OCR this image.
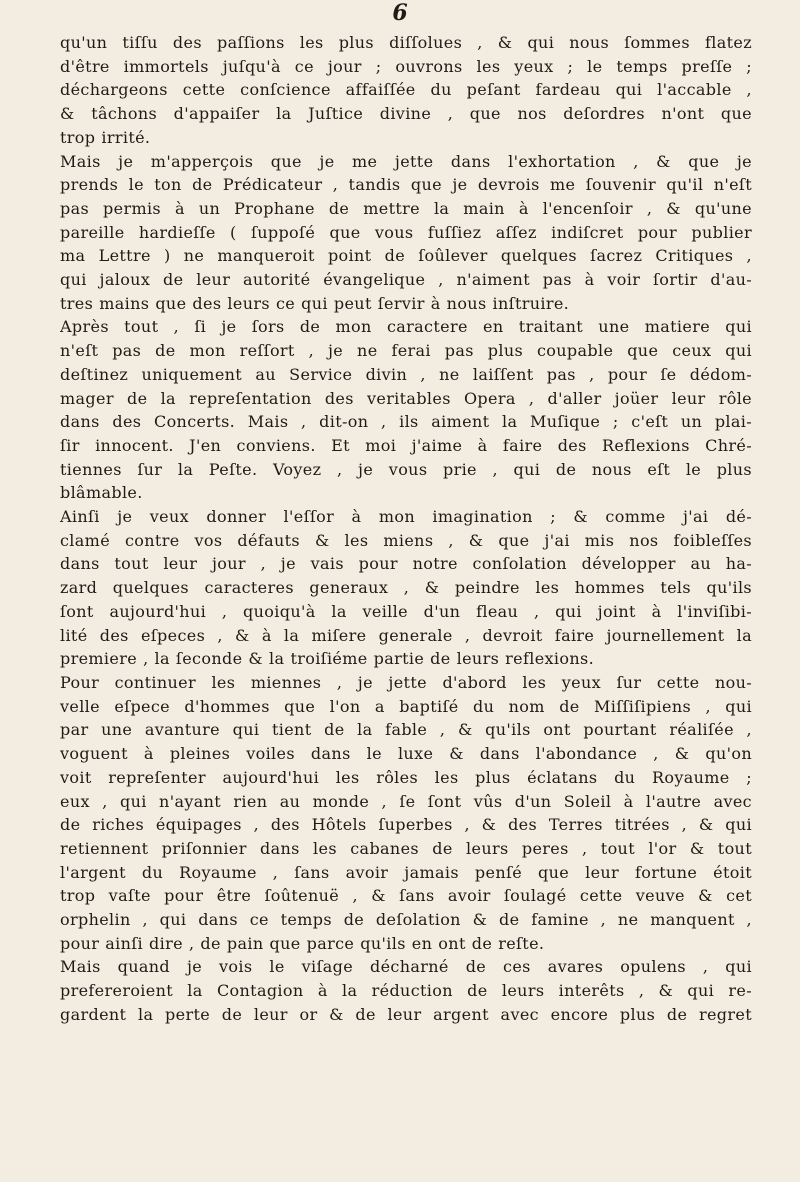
6
qu'un tiſſu des paſſions les plus diſſolues , & qui nous ſommes flatez
d'être immortels juſqu'à ce jour ; ouvrons les yeux ; le temps preſſe ;
déchargeons cette conſcience affaiſſée du peſant fardeau qui l'accable ,
& tâchons d'appaiſer la Juſtice divine , que nos deſordres n'ont que
trop irrité.
Mais je m'apperçois que je me jette dans l'exhortation , & que je
prends le ton de Prédicateur , tandis que je devrois me ſouvenir qu'il n'eſt
pas permis à un Prophane de mettre la main à l'encenſoir , & qu'une
pareille hardieſſe ( ſuppoſé que vous fuſſiez aſſez indiſcret pour publier
ma Lettre ) ne manqueroit point de ſoûlever quelques ſacrez Critiques ,
qui jaloux de leur autorité évangelique , n'aiment pas à voir ſortir d'au-
tres mains que des leurs ce qui peut ſervir à nous inſtruire.
Après tout , ſi je ſors de mon caractere en traitant une matiere qui
n'eſt pas de mon reſſort , je ne ferai pas plus coupable que ceux qui
deſtinez uniquement au Service divin , ne laiſſent pas , pour ſe dédom-
mager de la repreſentation des veritables Opera , d'aller joüer leur rôle
dans des Concerts. Mais , dit-on , ils aiment la Muſique ; c'eſt un plai-
ſir innocent. J'en conviens. Et moi j'aime à faire des Reflexions Chré-
tiennes ſur la Peſte. Voyez , je vous prie , qui de nous eſt le plus
blâmable.
Ainſi je veux donner l'eſſor à mon imagination ; & comme j'ai dé-
clamé contre vos défauts & les miens , & que j'ai mis nos foibleſſes
dans tout leur jour , je vais pour notre conſolation développer au ha-
zard quelques caracteres generaux , & peindre les hommes tels qu'ils
ſont aujourd'hui , quoiqu'à la veille d'un fleau , qui joint à l'inviſibi-
lité des eſpeces , & à la miſere generale , devroit faire journellement la
premiere , la ſeconde & la troiſiéme partie de leurs reflexions.
Pour continuer les miennes , je jette d'abord les yeux ſur cette nou-
velle eſpece d'hommes que l'on a baptiſé du nom de Miſſiſipiens , qui
par une avanture qui tient de la fable , & qu'ils ont pourtant réaliſée ,
voguent à pleines voiles dans le luxe & dans l'abondance , & qu'on
voit repreſenter aujourd'hui les rôles les plus éclatans du Royaume ;
eux , qui n'ayant rien au monde , ſe ſont vûs d'un Soleil à l'autre avec
de riches équipages , des Hôtels ſuperbes , & des Terres titrées , & qui
retiennent priſonnier dans les cabanes de leurs peres , tout l'or & tout
l'argent du Royaume , ſans avoir jamais penſé que leur fortune étoit
trop vaſte pour être ſoûtenuë , & ſans avoir ſoulagé cette veuve & cet
orphelin , qui dans ce temps de deſolation & de famine , ne manquent ,
pour ainſi dire , de pain que parce qu'ils en ont de reſte.
Mais quand je vois le viſage décharné de ces avares opulens , qui
prefereroient la Contagion à la réduction de leurs interêts , & qui re-
gardent la perte de leur or & de leur argent avec encore plus de regret
